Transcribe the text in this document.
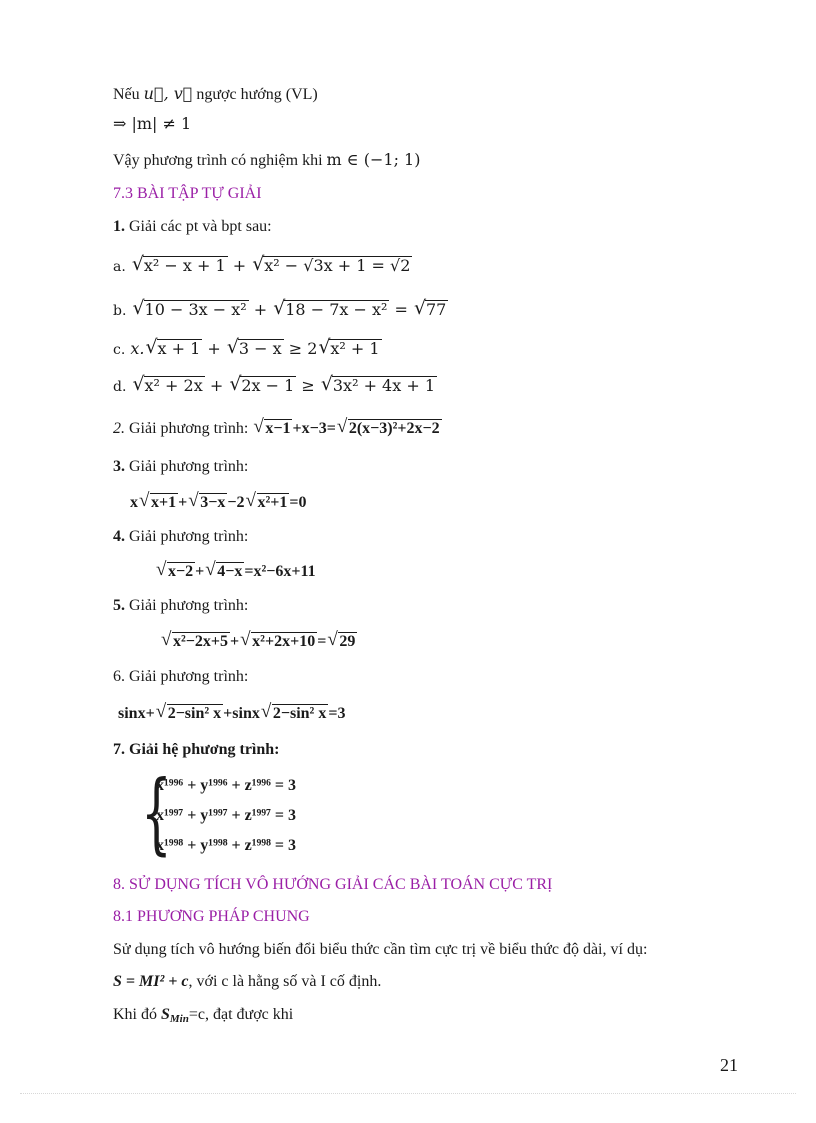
Nếu u⃗, v⃗ ngược hướng (VL)
⇒ |m| ≠ 1
Vậy phương trình có nghiệm khi m ∈ (−1; 1)
7.3 BÀI TẬP TỰ GIẢI
1. Giải các pt và bpt sau:
a. √ x² − x + 1 + √ x² − √3x + 1 = √2
b. √ 10 − 3x − x² + √ 18 − 7x − x² = √ 77
c. x. √ x + 1 + √ 3 − x ≥ 2 √ x² + 1
d. √ x² + 2x + √ 2x − 1 ≥ √ 3x² + 4x + 1
2. Giải phương trình: √ x−1 +x−3= √ 2(x−3)²+2x−2
3. Giải phương trình:
x √ x+1 + √ 3−x −2 √ x²+1 =0
4. Giải phương trình:
√ x−2 + √ 4−x =x²−6x+11
5. Giải phương trình:
√ x²−2x+5 + √ x²+2x+10 = √ 29
6. Giải phương trình:
sinx+ √ 2−sin² x +sinx √ 2−sin² x =3
7. Giải hệ phương trình:
{
x¹⁹⁹⁶ + y¹⁹⁹⁶ + z¹⁹⁹⁶ = 3
x¹⁹⁹⁷ + y¹⁹⁹⁷ + z¹⁹⁹⁷ = 3
x¹⁹⁹⁸ + y¹⁹⁹⁸ + z¹⁹⁹⁸ = 3
8. SỬ DỤNG TÍCH VÔ HƯỚNG GIẢI CÁC BÀI TOÁN CỰC TRỊ
8.1 PHƯƠNG PHÁP CHUNG
Sử dụng tích vô hướng biến đổi biểu thức cần tìm cực trị về biểu thức độ dài, ví dụ:
S = MI² + c, với c là hằng số và I cố định.
Khi đó $S_{Min}=c$, đạt được khi
21
